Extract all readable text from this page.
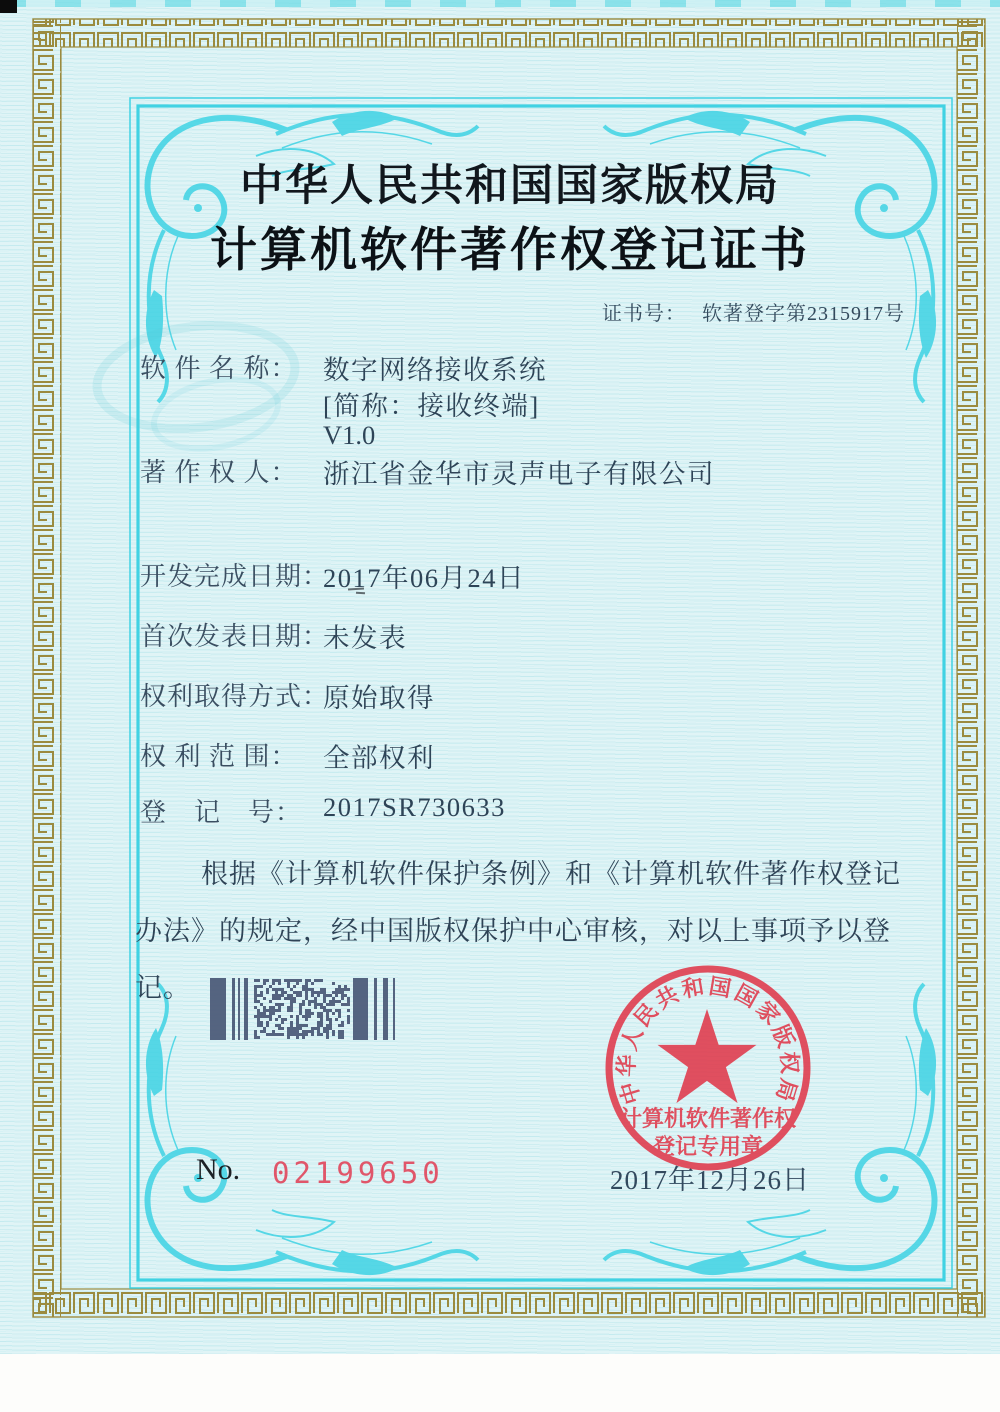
中华人民共和国国家版权局
计算机软件著作权登记证书
证书号： 软著登字第2315917号
软 件 名 称： 数字网络接收系统
[简称：接收终端]
V1.0
著 作 权 人： 浙江省金华市灵声电子有限公司
开发完成日期：
2017年06月24日
首次发表日期：
未发表
权利取得方式：
原始取得
权 利 范 围： 全部权利
登　记　号： 2017SR730633
根据《计算机软件保护条例》和《计算机软件著作权登记办法》的规定，经中国版权保护中心审核，对以上事项予以登记。
中华人民共和国国家版权局
计算机软件著作权
登记专用章
2017年12月26日
No. 02199650
